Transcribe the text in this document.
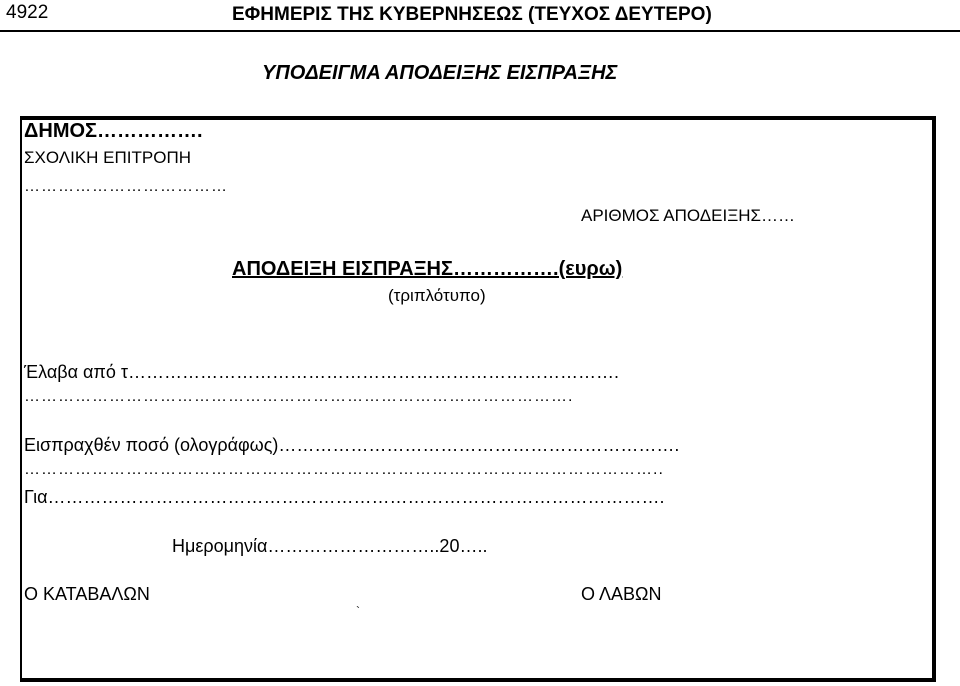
4922	ΕΦΗΜΕΡΙΣ ΤΗΣ ΚΥΒΕΡΝΗΣΕΩΣ (ΤΕΥΧΟΣ ΔΕΥΤΕΡΟ)
ΥΠΟΔΕΙΓΜΑ ΑΠΟΔΕΙΞΗΣ ΕΙΣΠΡΑΞΗΣ
ΔΗΜΟΣ…………….
ΣΧΟΛΙΚΗ ΕΠΙΤΡΟΠΗ
………………………………
ΑΡΙΘΜΟΣ ΑΠΟΔΕΙΞΗΣ……
ΑΠΟΔΕΙΞΗ ΕΙΣΠΡΑΞΗΣ…………….(ευρω)
(τριπλότυπο)
Έλαβα από τ……………………………………………………………………….
…………………………………………………………………………………….
Εισπραχθέν ποσό (ολογράφως)………………………………………………………….
…………………………………………………………………………………………………..
Για………………………………………………………………………………………….
Ημερομηνία………………………..20…..
Ο ΚΑΤΑΒΑΛΩΝ	Ο ΛΑΒΩΝ
`
